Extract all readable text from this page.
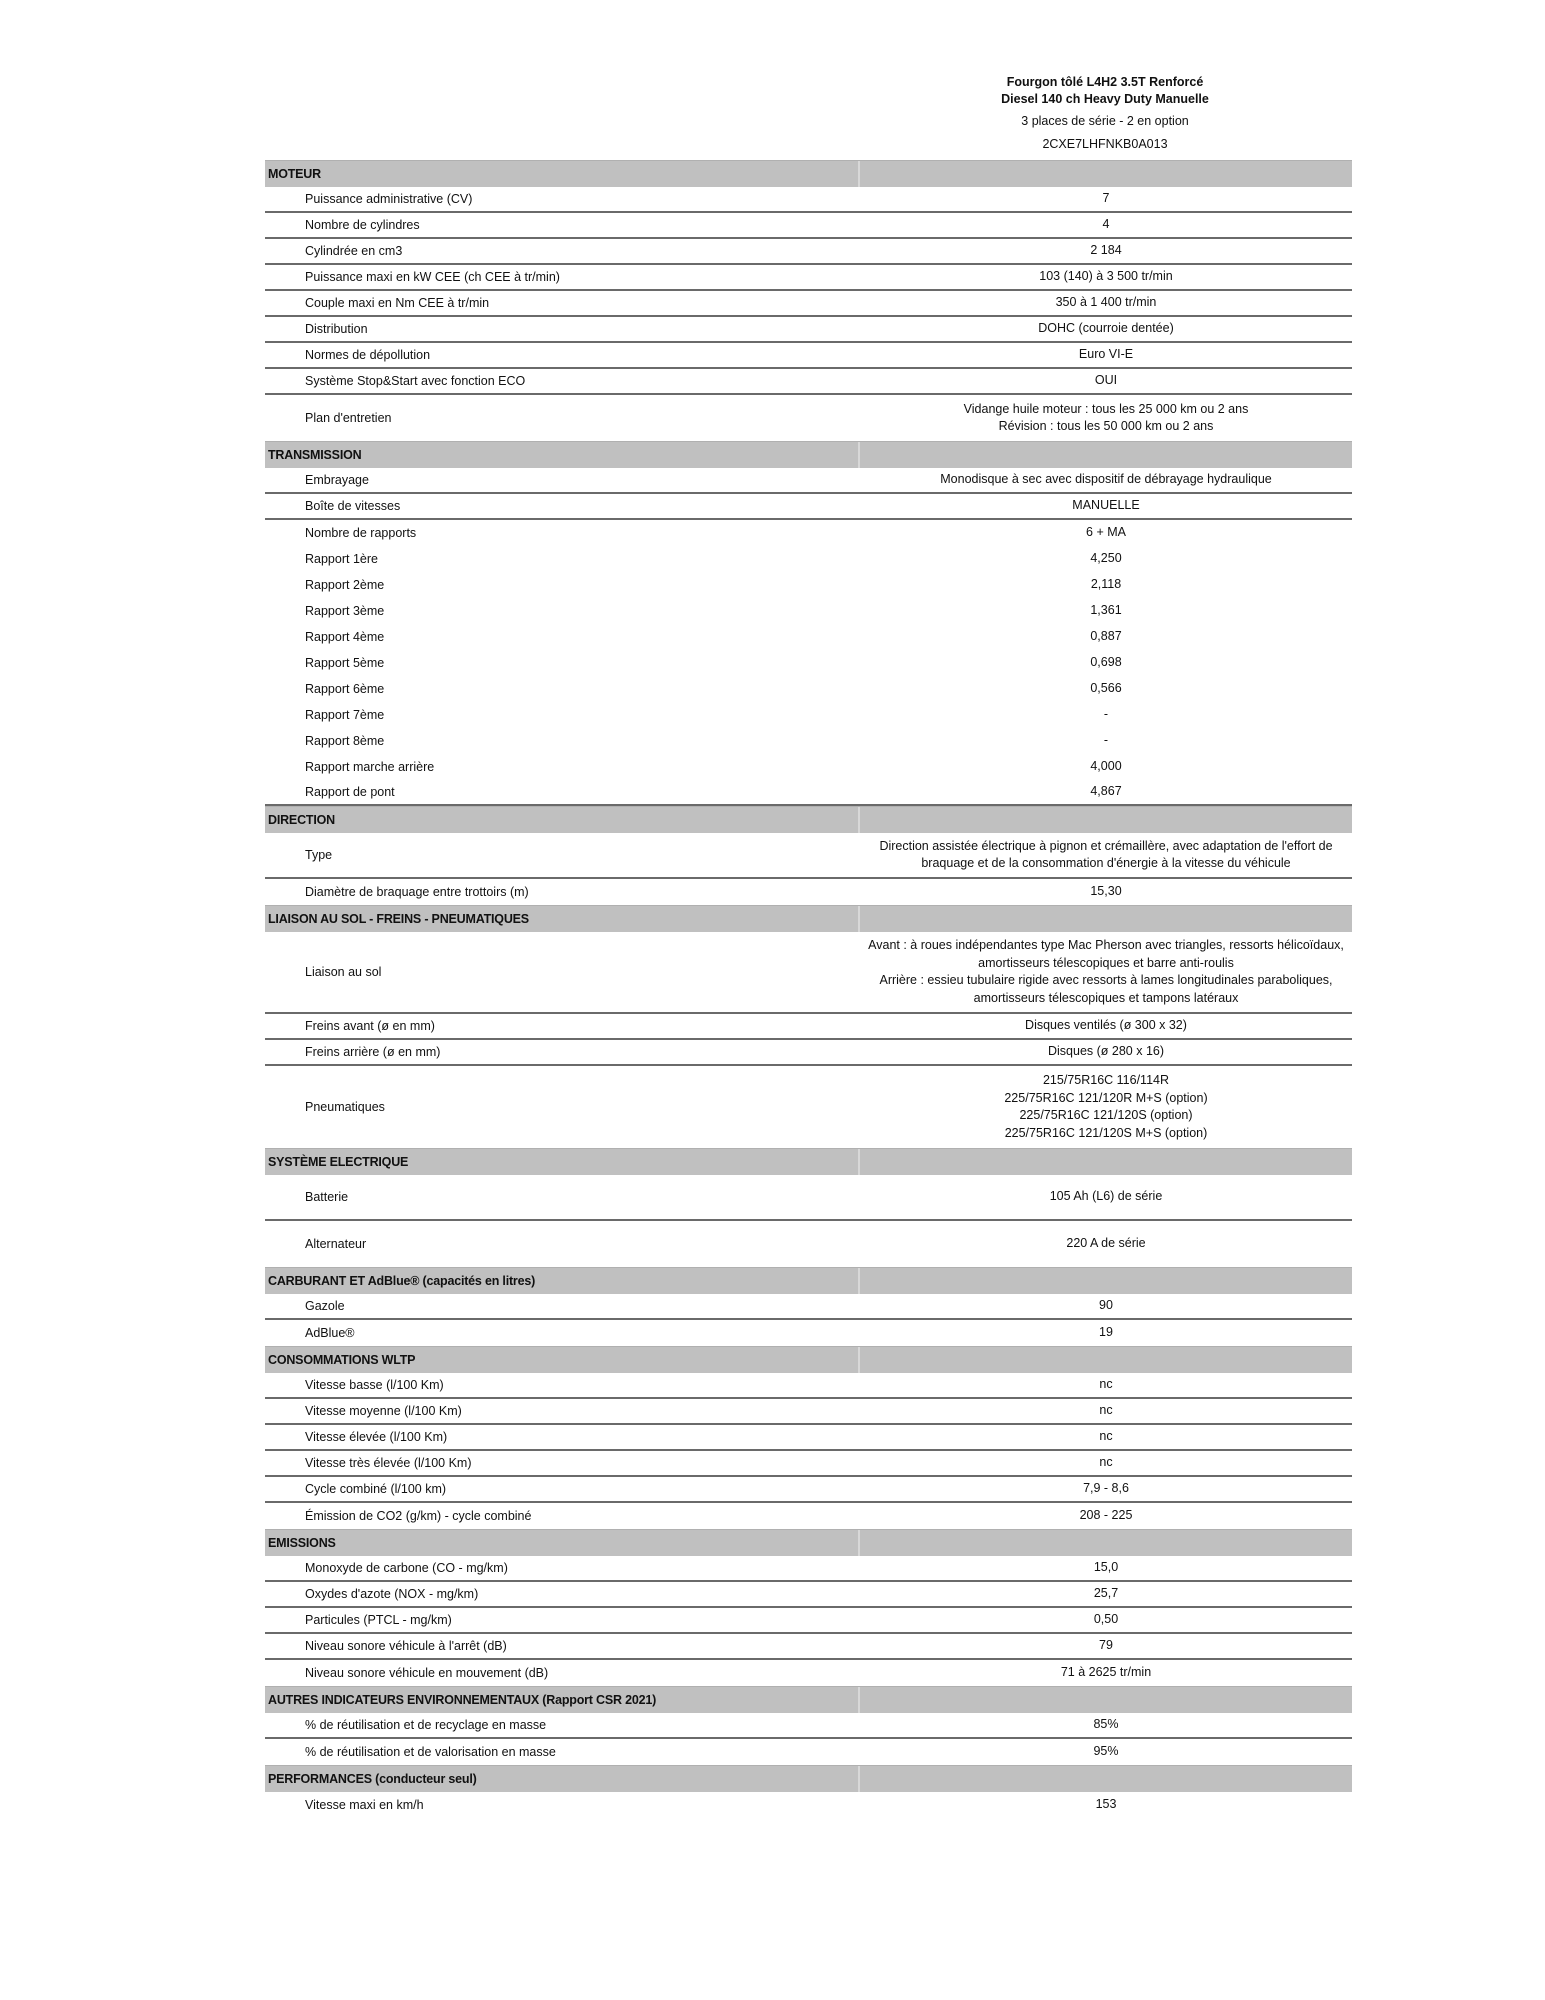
Fourgon tôlé L4H2 3.5T Renforcé
Diesel 140 ch Heavy Duty Manuelle
3 places de série - 2 en option
2CXE7LHFNKB0A013
MOTEUR
Puissance administrative (CV)	7
Nombre de cylindres	4
Cylindrée en cm3	2 184
Puissance maxi en kW CEE (ch CEE à tr/min)	103 (140) à 3 500 tr/min
Couple maxi en Nm CEE à tr/min	350 à 1 400 tr/min
Distribution	DOHC (courroie dentée)
Normes de dépollution	Euro VI-E
Système Stop&Start avec fonction ECO	OUI
Plan d'entretien
Vidange huile moteur : tous les 25 000 km ou 2 ans
Révision : tous les 50 000 km ou 2 ans
TRANSMISSION
Embrayage	Monodisque à sec avec dispositif de débrayage hydraulique
Boîte de vitesses	MANUELLE
Nombre de rapports	6 + MA
Rapport 1ère	4,250
Rapport 2ème	2,118
Rapport 3ème	1,361
Rapport 4ème	0,887
Rapport 5ème	0,698
Rapport 6ème	0,566
Rapport 7ème	-
Rapport 8ème	-
Rapport marche arrière	4,000
Rapport de pont	4,867
DIRECTION
Type
Direction assistée électrique à pignon et crémaillère, avec adaptation de l'effort de
braquage et de la consommation d'énergie à la vitesse du véhicule
Diamètre de braquage entre trottoirs (m)	15,30
LIAISON AU SOL - FREINS - PNEUMATIQUES
Liaison au sol
Avant : à roues indépendantes type Mac Pherson avec triangles, ressorts hélicoïdaux,
amortisseurs télescopiques et barre anti-roulis
Arrière : essieu tubulaire rigide avec ressorts à lames longitudinales paraboliques,
amortisseurs télescopiques et tampons latéraux
Freins avant (ø en mm)	Disques ventilés (ø 300 x 32)
Freins arrière (ø en mm)	Disques (ø 280 x 16)
Pneumatiques
215/75R16C 116/114R
225/75R16C 121/120R M+S (option)
225/75R16C 121/120S (option)
225/75R16C 121/120S M+S (option)
SYSTÈME ELECTRIQUE
Batterie	105 Ah (L6) de série
Alternateur	220 A de série
CARBURANT ET AdBlue® (capacités en litres)
Gazole	90
AdBlue®	19
CONSOMMATIONS WLTP
Vitesse basse (l/100 Km)	nc
Vitesse moyenne (l/100 Km)	nc
Vitesse élevée (l/100 Km)	nc
Vitesse très élevée (l/100 Km)	nc
Cycle combiné (l/100 km)	7,9 - 8,6
Émission de CO2 (g/km) - cycle combiné	208 - 225
EMISSIONS
Monoxyde de carbone (CO - mg/km)	15,0
Oxydes d'azote (NOX - mg/km)	25,7
Particules (PTCL - mg/km)	0,50
Niveau sonore véhicule à l'arrêt (dB)	79
Niveau sonore véhicule en mouvement (dB)	71 à 2625 tr/min
AUTRES INDICATEURS ENVIRONNEMENTAUX (Rapport CSR 2021)
% de réutilisation et de recyclage en masse	85%
% de réutilisation et de valorisation en masse	95%
PERFORMANCES (conducteur seul)
Vitesse maxi en km/h	153
